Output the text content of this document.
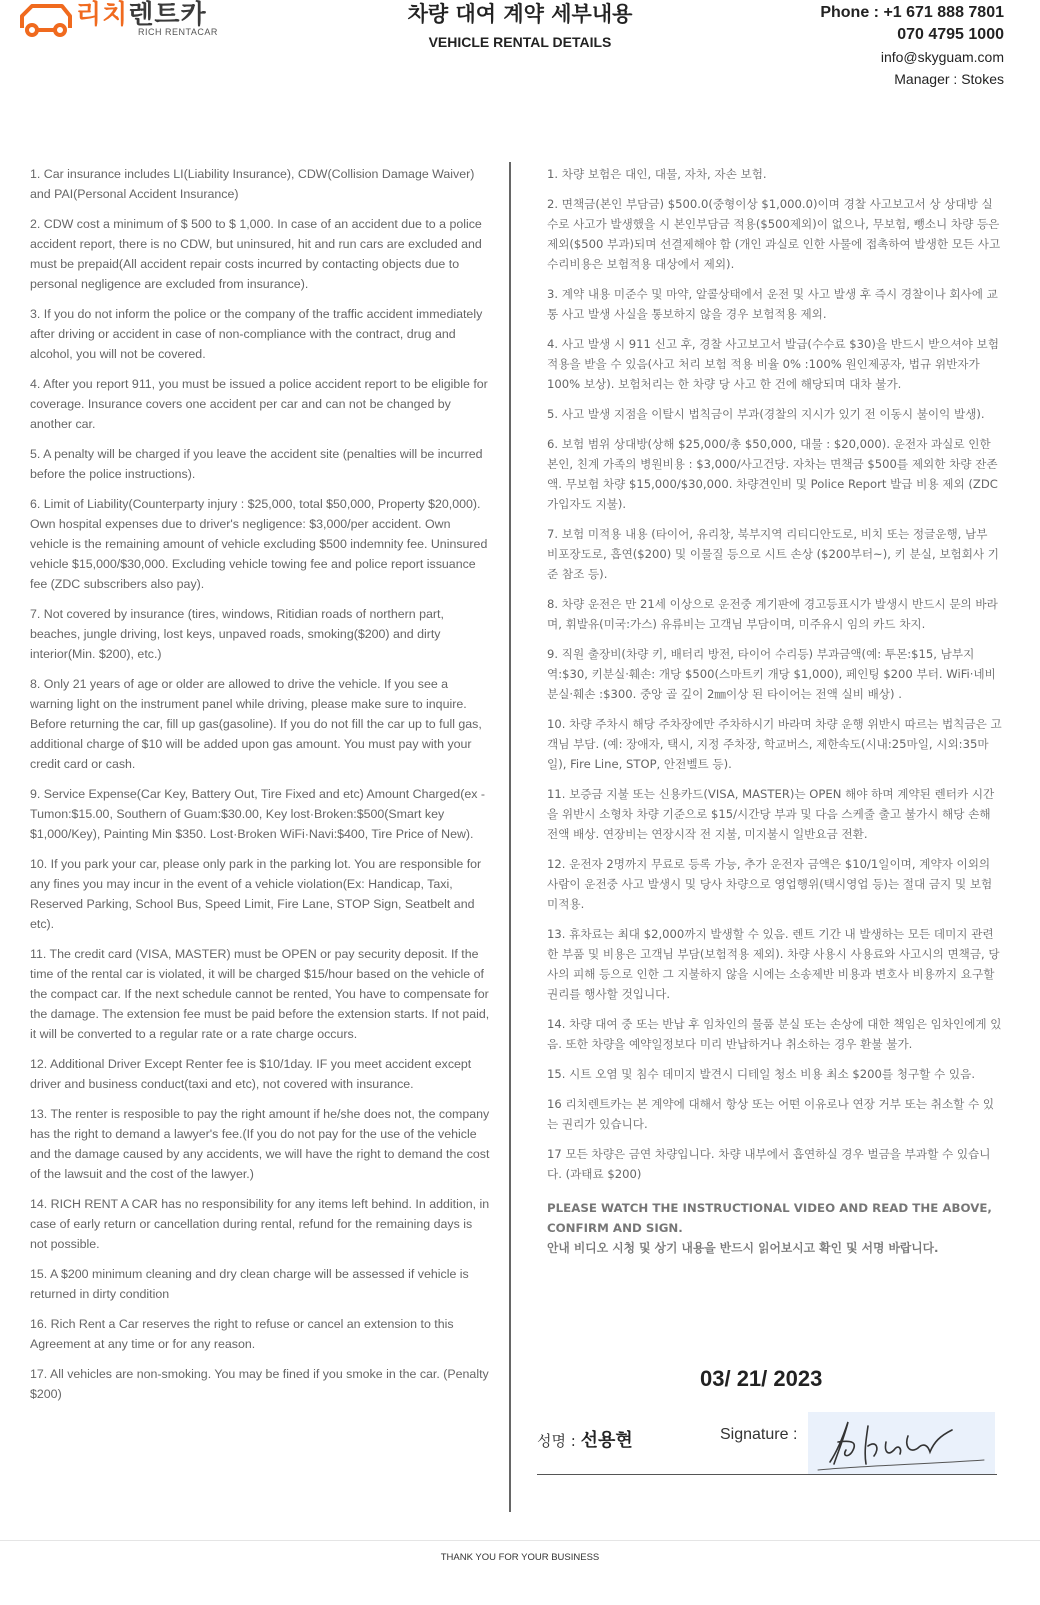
리치렌트카
RICH RENTACAR
차량 대여 계약 세부내용
VEHICLE RENTAL DETAILS
Phone : +1 671 888 7801
070 4795 1000
info@skyguam.com
Manager : Stokes

1. Car insurance includes LI(Liability Insurance), CDW(Collision Damage Waiver) and PAI(Personal Accident Insurance)

2. CDW cost a minimum of $ 500 to $ 1,000. In case of an accident due to a police accident report, there is no CDW, but uninsured, hit and run cars are excluded and must be prepaid(All accident repair costs incurred by contacting objects due to personal negligence are excluded from insurance).

3. If you do not inform the police or the company of the traffic accident immediately after driving or accident in case of non-compliance with the contract, drug and alcohol, you will not be covered.

4. After you report 911, you must be issued a police accident report to be eligible for coverage. Insurance covers one accident per car and can not be changed by another car.

5. A penalty will be charged if you leave the accident site (penalties will be incurred before the police instructions).

6. Limit of Liability(Counterparty injury : $25,000, total $50,000, Property $20,000). Own hospital expenses due to driver's negligence: $3,000/per accident. Own vehicle is the remaining amount of vehicle excluding $500 indemnity fee. Uninsured vehicle $15,000/$30,000. Excluding vehicle towing fee and police report issuance fee (ZDC subscribers also pay).

7. Not covered by insurance (tires, windows, Ritidian roads of northern part, beaches, jungle driving, lost keys, unpaved roads, smoking($200) and dirty interior(Min. $200), etc.)

8. Only 21 years of age or older are allowed to drive the vehicle. If you see a warning light on the instrument panel while driving, please make sure to inquire. Before returning the car, fill up gas(gasoline). If you do not fill the car up to full gas, additional charge of $10 will be added upon gas amount. You must pay with your credit card or cash.

9. Service Expense(Car Key, Battery Out, Tire Fixed and etc) Amount Charged(ex - Tumon:$15.00, Southern of Guam:$30.00, Key lost·Broken:$500(Smart key $1,000/Key), Painting Min $350. Lost·Broken WiFi·Navi:$400, Tire Price of New).

10. If you park your car, please only park in the parking lot. You are responsible for any fines you may incur in the event of a vehicle violation(Ex: Handicap, Taxi, Reserved Parking, School Bus, Speed Limit, Fire Lane, STOP Sign, Seatbelt and etc).

11. The credit card (VISA, MASTER) must be OPEN or pay security deposit. If the time of the rental car is violated, it will be charged $15/hour based on the vehicle of the compact car. If the next schedule cannot be rented, You have to compensate for the damage. The extension fee must be paid before the extension starts. If not paid, it will be converted to a regular rate or a rate charge occurs.

12. Additional Driver Except Renter fee is $10/1day. IF you meet accident except driver and business conduct(taxi and etc), not covered with insurance.

13. The renter is resposible to pay the right amount if he/she does not, the company has the right to demand a lawyer's fee.(If you do not pay for the use of the vehicle and the damage caused by any accidents, we will have the right to demand the cost of the lawsuit and the cost of the lawyer.)

14. RICH RENT A CAR has no responsibility for any items left behind. In addition, in case of early return or cancellation during rental, refund for the remaining days is not possible.

15. A $200 minimum cleaning and dry clean charge will be assessed if vehicle is returned in dirty condition

16. Rich Rent a Car reserves the right to refuse or cancel an extension to this Agreement at any time or for any reason.

17. All vehicles are non-smoking. You may be fined if you smoke in the car. (Penalty $200)

1. 차량 보험은 대인, 대물, 자차, 자손 보험.

2. 면책금(본인 부담금) $500.0(중형이상 $1,000.0)이며 경찰 사고보고서 상 상대방 실수로 사고가 발생했을 시 본인부담금 적용($500제외)이 없으나, 무보험, 뺑소니 차량 등은 제외($500 부과)되며 선결제해야 함 (개인 과실로 인한 사물에 접촉하여 발생한 모든 사고 수리비용은 보험적용 대상에서 제외).

3. 계약 내용 미준수 및 마약, 알콜상태에서 운전 및 사고 발생 후 즉시 경찰이나 회사에 교통 사고 발생 사실을 통보하지 않을 경우 보험적용 제외.

4. 사고 발생 시 911 신고 후, 경찰 사고보고서 발급(수수료 $30)을 반드시 받으셔야 보험 적용을 받을 수 있음(사고 처리 보험 적용 비율 0% :100% 원인제공자, 법규 위반자가 100% 보상). 보험처리는 한 차량 당 사고 한 건에 해당되며 대차 불가.

5. 사고 발생 지점을 이탈시 법칙금이 부과(경찰의 지시가 있기 전 이동시 불이익 발생).

6. 보험 범위 상대방(상해 $25,000/총 $50,000, 대물 : $20,000). 운전자 과실로 인한 본인, 친계 가족의 병원비용 : $3,000/사고건당. 자차는 면책금 $500를 제외한 차량 잔존액. 무보험 차량 $15,000/$30,000. 차량견인비 및 Police Report 발급 비용 제외 (ZDC 가입자도 지불).

7. 보험 미적용 내용 (타이어, 유리창, 북부지역 리티디안도로, 비치 또는 정글운행, 남부 비포장도로, 흡연($200) 및 이물질 등으로 시트 손상 ($200부터~), 키 분실, 보험회사 기준 참조 등).

8. 차량 운전은 만 21세 이상으로 운전중 계기판에 경고등표시가 발생시 반드시 문의 바라며, 휘발유(미국:가스) 유류비는 고객님 부담이며, 미주유시 임의 카드 차지.

9. 직원 출장비(차량 키, 배터리 방전, 타이어 수리등) 부과금액(예: 투몬:$15, 남부지역:$30, 키분실·훼손: 개당 $500(스마트키 개당 $1,000), 페인팅 $200 부터. WiFi·네비 분실·훼손 :$300. 중앙 골 깊이 2㎜이상 된 타이어는 전액 실비 배상) .

10. 차량 주차시 해당 주차장에만 주차하시기 바라며 차량 운행 위반시 따르는 법칙금은 고객님 부담. (예: 장애자, 택시, 지정 주차장, 학교버스, 제한속도(시내:25마일, 시외:35마일), Fire Line, STOP, 안전벨트 등).

11. 보증금 지불 또는 신용카드(VISA, MASTER)는 OPEN 해야 하며 계약된 렌터카 시간을 위반시 소형차 차량 기준으로 $15/시간당 부과 및 다음 스케줄 출고 불가시 해당 손해 전액 배상. 연장비는 연장시작 전 지불, 미지불시 일반요금 전환.

12. 운전자 2명까지 무료로 등록 가능, 추가 운전자 금액은 $10/1일이며, 계약자 이외의 사람이 운전중 사고 발생시 및 당사 차량으로 영업행위(택시영업 등)는 절대 금지 및 보험 미적용.

13. 휴차료는 최대 $2,000까지 발생할 수 있음. 렌트 기간 내 발생하는 모든 데미지 관련한 부품 및 비용은 고객님 부담(보험적용 제외). 차량 사용시 사용료와 사고시의 면책금, 당사의 피해 등으로 인한 그 지불하지 않을 시에는 소송제반 비용과 변호사 비용까지 요구할 권리를 행사할 것입니다.

14. 차량 대여 중 또는 반납 후 임차인의 물품 분실 또는 손상에 대한 책임은 임차인에게 있음. 또한 차량을 예약일정보다 미리 반납하거나 취소하는 경우 환불 불가.

15. 시트 오염 및 침수 데미지 발견시 디테일 청소 비용 최소 $200를 청구할 수 있음.

16 리치렌트카는 본 계약에 대해서 항상 또는 어떤 이유로나 연장 거부 또는 취소할 수 있는 권리가 있습니다.

17 모든 차량은 금연 차량입니다. 차량 내부에서 흡연하실 경우 벌금을 부과할 수 있습니다. (과태료 $200)

PLEASE WATCH THE INSTRUCTIONAL VIDEO AND READ THE ABOVE, CONFIRM AND SIGN.
안내 비디오 시청 및 상기 내용을 반드시 읽어보시고 확인 및 서명 바랍니다.
03/ 21/ 2023
성명 : 선용현	Signature :
THANK YOU FOR YOUR BUSINESS
